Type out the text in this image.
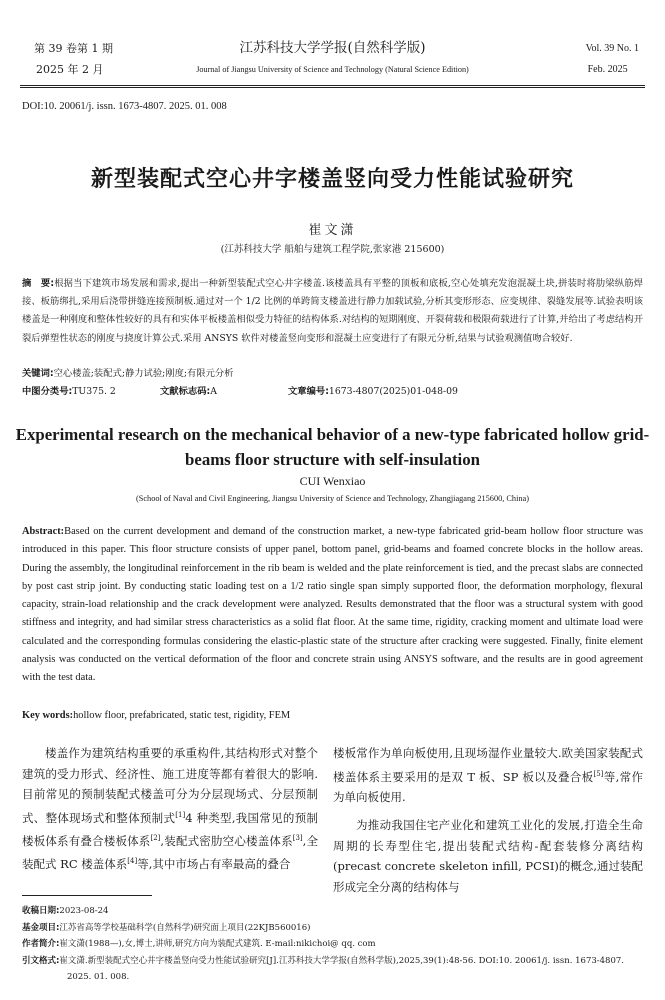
第 39 卷第 1 期
2025 年 2 月
江苏科技大学学报(自然科学版)
Journal of Jiangsu University of Science and Technology (Natural Science Edition)
Vol. 39 No. 1
Feb. 2025
DOI:10. 20061/j. issn. 1673-4807. 2025. 01. 008
新型装配式空心井字楼盖竖向受力性能试验研究
崔文潇
(江苏科技大学 船舶与建筑工程学院,张家港 215600)
摘　要:根据当下建筑市场发展和需求,提出一种新型装配式空心井字楼盖.该楼盖具有平整的顶板和底板,空心处填充发泡混凝土块,拼装时将肋梁纵筋焊接、板筋绑扎,采用后浇带拼缝连接预制板.通过对一个 1/2 比例的单跨简支楼盖进行静力加载试验,分析其变形形态、应变规律、裂缝发展等.试验表明该楼盖是一种刚度和整体性较好的具有和实体平板楼盖相似受力特征的结构体系.对结构的短期刚度、开裂荷载和极限荷载进行了计算,并给出了考虑结构开裂后弹塑性状态的刚度与挠度计算公式.采用 ANSYS 软件对楼盖竖向变形和混凝土应变进行了有限元分析,结果与试验观测值吻合较好.
关键词:空心楼盖;装配式;静力试验;刚度;有限元分析
中图分类号:TU375. 2	文献标志码:A	文章编号:1673-4807(2025)01-048-09
Experimental research on the mechanical behavior of a new-type fabricated hollow grid-beams floor structure with self-insulation
CUI Wenxiao
(School of Naval and Civil Engineering, Jiangsu University of Science and Technology, Zhangjiagang 215600, China)
Abstract:Based on the current development and demand of the construction market, a new-type fabricated grid-beam hollow floor structure was introduced in this paper. This floor structure consists of upper panel, bottom panel, grid-beams and foamed concrete blocks in the hollow areas. During the assembly, the longitudinal reinforcement in the rib beam is welded and the plate reinforcement is tied, and the precast slabs are connected by post cast strip joint. By conducting static loading test on a 1/2 ratio single span simply supported floor, the deformation morphology, flexural capacity, strain-load relationship and the crack development were analyzed. Results demonstrated that the floor was a structural system with good stiffness and integrity, and had similar stress characteristics as a solid flat floor. At the same time, rigidity, cracking moment and ultimate load were calculated and the corresponding formulas considering the elastic-plastic state of the structure after cracking were suggested. Finally, finite element analysis was conducted on the vertical deformation of the floor and concrete strain using ANSYS software, and the results are in good agreement with the test data.
Key words:hollow floor, prefabricated, static test, rigidity, FEM

楼盖作为建筑结构重要的承重构件,其结构形式对整个建筑的受力形式、经济性、施工进度等都有着很大的影响.目前常见的预制装配式楼盖可分为分层现场式、分层预制式、整体现场式和整体预制式[1]4 种类型,我国常见的预制楼板体系有叠合楼板体系[2],装配式密肋空心楼盖体系[3],全装配式 RC 楼盖体系[4]等,其中市场占有率最高的叠合

楼板常作为单向板使用,且现场湿作业量较大.欧美国家装配式楼盖体系主要采用的是双 T 板、SP 板以及叠合板[5]等,常作为单向板使用.

为推动我国住宅产业化和建筑工业化的发展,打造全生命周期的长寿型住宅,提出装配式结构-配套装修分离结构(precast concrete skeleton infill, PCSI)的概念,通过装配形成完全分离的结构体与

收稿日期:2023-08-24
基金项目:江苏省高等学校基础科学(自然科学)研究面上项目(22KJB560016)
作者简介:崔文潇(1988—),女,博士,讲师,研究方向为装配式建筑. E-mail:nikichoi@ qq. com
引文格式:崔文潇.新型装配式空心井字楼盖竖向受力性能试验研究[J].江苏科技大学学报(自然科学版),2025,39(1):48-56. DOI:10. 20061/j. issn. 1673-4807. 2025. 01. 008.
